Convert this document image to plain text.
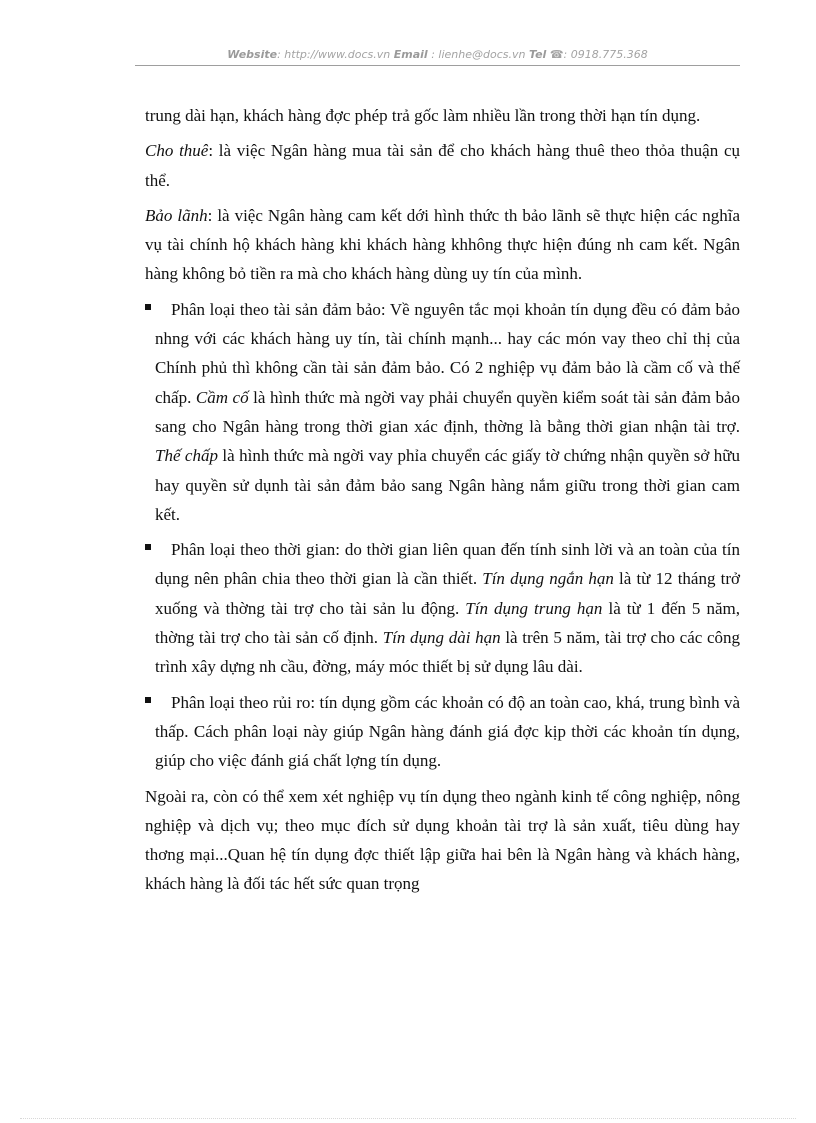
Website: http://www.docs.vn Email : lienhe@docs.vn Tel ☎: 0918.775.368

trung dài hạn, khách hàng đợc phép trả gốc làm nhiều lần trong thời hạn tín dụng.

Cho thuê: là việc Ngân hàng mua tài sản để cho khách hàng thuê theo thỏa thuận cụ thể.

Bảo lãnh: là việc Ngân hàng cam kết dới hình thức th bảo lãnh sẽ thực hiện các nghĩa vụ tài chính hộ khách hàng khi khách hàng khhông thực hiện đúng nh cam kết. Ngân hàng không bỏ tiền ra mà cho khách hàng dùng uy tín của mình.

Phân loại theo tài sản đảm bảo: Về nguyên tắc mọi khoản tín dụng đều có đảm bảo nhng với các khách hàng uy tín, tài chính mạnh... hay các món vay theo chỉ thị của Chính phủ thì không cần tài sản đảm bảo. Có 2 nghiệp vụ đảm bảo là cầm cố và thế chấp. Cầm cố là hình thức mà ngời vay phải chuyển quyền kiểm soát tài sản đảm bảo sang cho Ngân hàng trong thời gian xác định, thờng là bằng thời gian nhận tài trợ. Thế chấp là hình thức mà ngời vay phỉa chuyển các giấy tờ chứng nhận quyền sở hữu hay quyền sử dụnh tài sản đảm bảo sang Ngân hàng nắm giữu trong thời gian cam kết.
Phân loại theo thời gian: do thời gian liên quan đến tính sinh lời và an toàn của tín dụng nên phân chia theo thời gian là cần thiết. Tín dụng ngắn hạn là từ 12 tháng trở xuống và thờng tài trợ cho tài sản lu động. Tín dụng trung hạn là từ 1 đến 5 năm, thờng tài trợ cho tài sản cố định. Tín dụng dài hạn là trên 5 năm, tài trợ cho các công trình xây dựng nh cầu, đờng, máy móc thiết bị sử dụng lâu dài.
Phân loại theo rủi ro: tín dụng gồm các khoản có độ an toàn cao, khá, trung bình và thấp. Cách phân loại này giúp Ngân hàng đánh giá đợc kịp thời các khoản tín dụng, giúp cho việc đánh giá chất lợng tín dụng.

Ngoài ra, còn có thể xem xét nghiệp vụ tín dụng theo ngành kinh tế công nghiệp, nông nghiệp và dịch vụ; theo mục đích sử dụng khoản tài trợ là sản xuất, tiêu dùng hay thơng mại...Quan hệ tín dụng đợc thiết lập giữa hai bên là Ngân hàng và khách hàng, khách hàng là đối tác hết sức quan trọng
